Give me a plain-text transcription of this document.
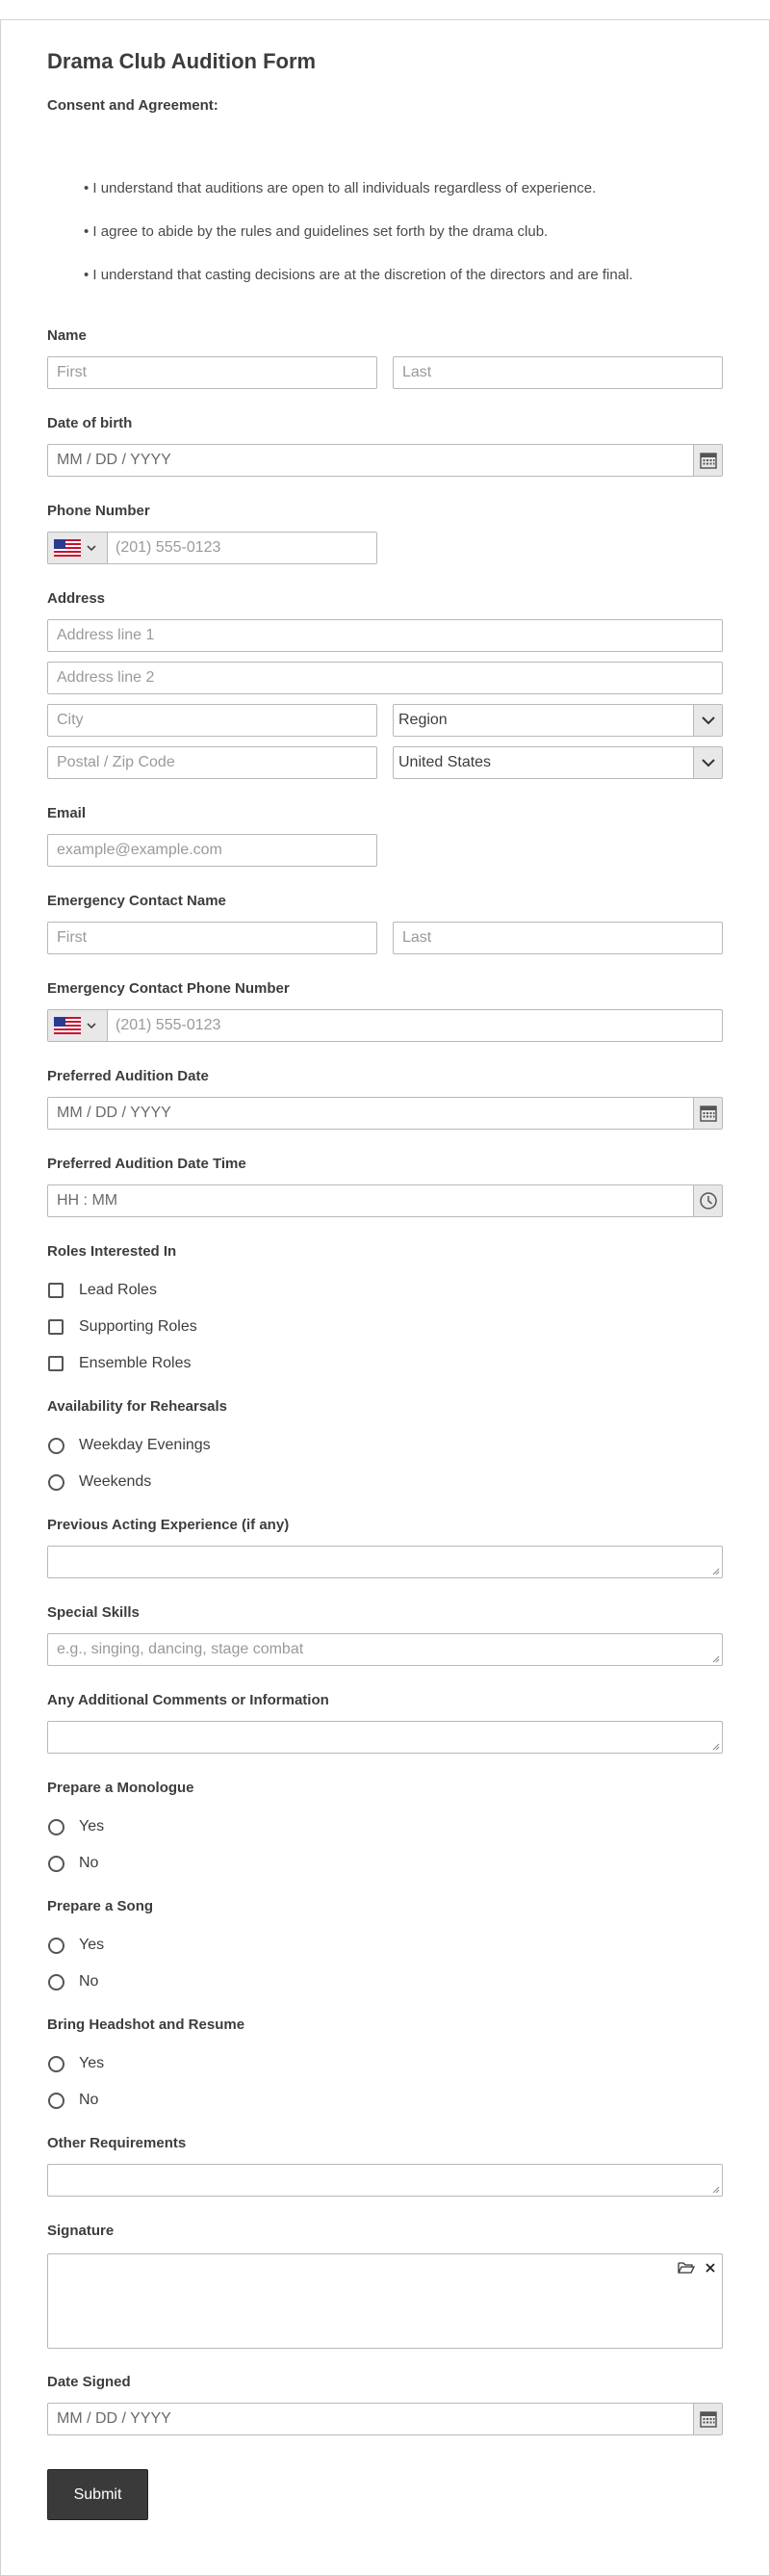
Drama Club Audition Form
Consent and Agreement:
• I understand that auditions are open to all individuals regardless of experience.
• I agree to abide by the rules and guidelines set forth by the drama club.
• I understand that casting decisions are at the discretion of the directors and are final.
Name
First	Last
Date of birth
MM / DD / YYYY
Phone Number
(201) 555-0123
Address
Address line 1
Address line 2
City	Region
Postal / Zip Code	United States
Email
example@example.com
Emergency Contact Name
First	Last
Emergency Contact Phone Number
(201) 555-0123
Preferred Audition Date
MM / DD / YYYY
Preferred Audition Date Time
HH : MM
Roles Interested In
Lead Roles
Supporting Roles
Ensemble Roles
Availability for Rehearsals
Weekday Evenings
Weekends
Previous Acting Experience (if any)
Special Skills
e.g., singing, dancing, stage combat
Any Additional Comments or Information
Prepare a Monologue
Yes
No
Prepare a Song
Yes
No
Bring Headshot and Resume
Yes
No
Other Requirements
Signature
Date Signed
MM / DD / YYYY
Submit
